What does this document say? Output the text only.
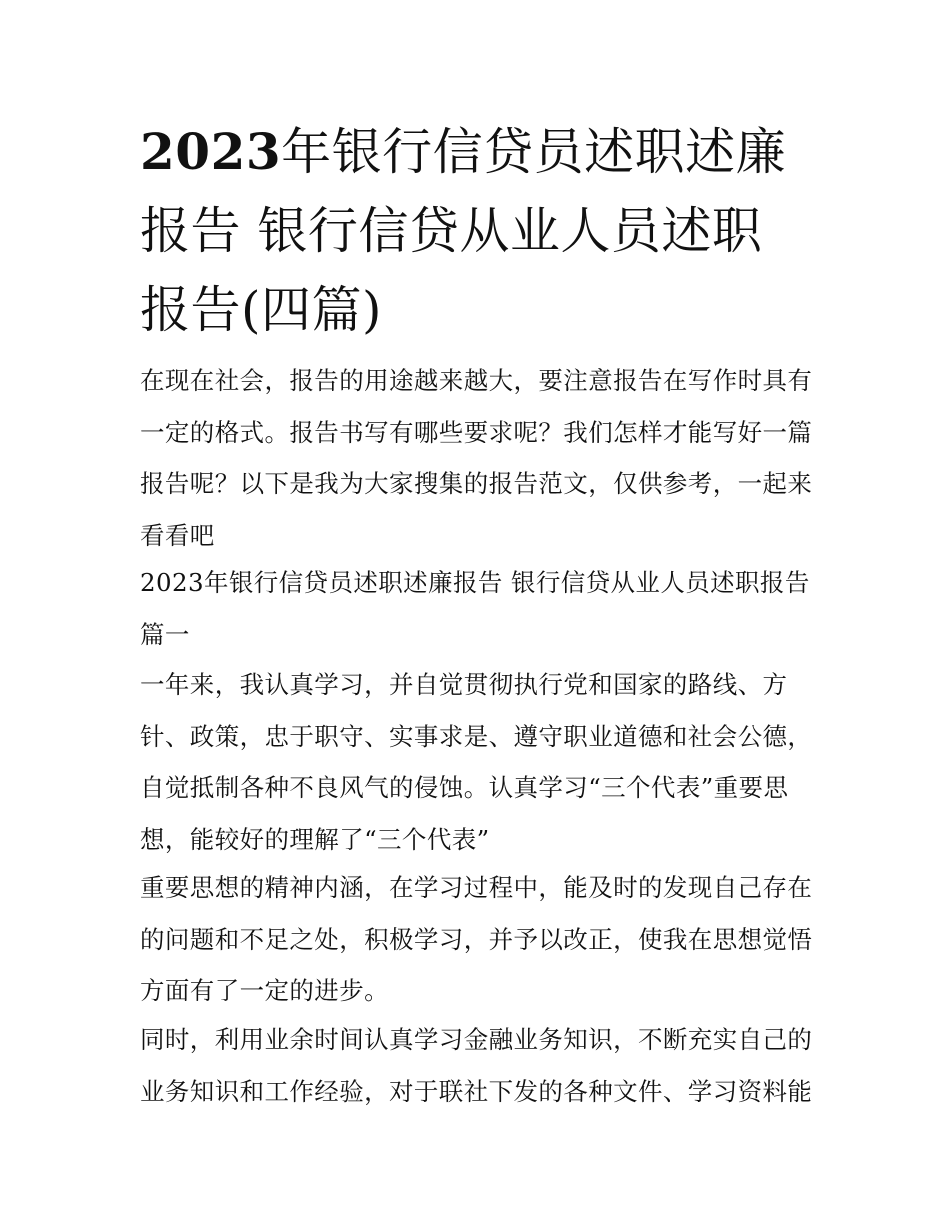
2023年银行信贷员述职述廉报告 银行信贷从业人员述职报告(四篇)

在现在社会，报告的用途越来越大，要注意报告在写作时具有一定的格式。报告书写有哪些要求呢？我们怎样才能写好一篇报告呢？以下是我为大家搜集的报告范文，仅供参考，一起来看看吧

2023年银行信贷员述职述廉报告 银行信贷从业人员述职报告篇一

一年来，我认真学习，并自觉贯彻执行党和国家的路线、方针、政策，忠于职守、实事求是、遵守职业道德和社会公德，自觉抵制各种不良风气的侵蚀。认真学习“三个代表”重要思想，能较好的理解了“三个代表”

重要思想的精神内涵，在学习过程中，能及时的发现自己存在的问题和不足之处，积极学习，并予以改正，使我在思想觉悟方面有了一定的进步。

同时，利用业余时间认真学习金融业务知识，不断充实自己的业务知识和工作经验，对于联社下发的各种文件、学习资料能
